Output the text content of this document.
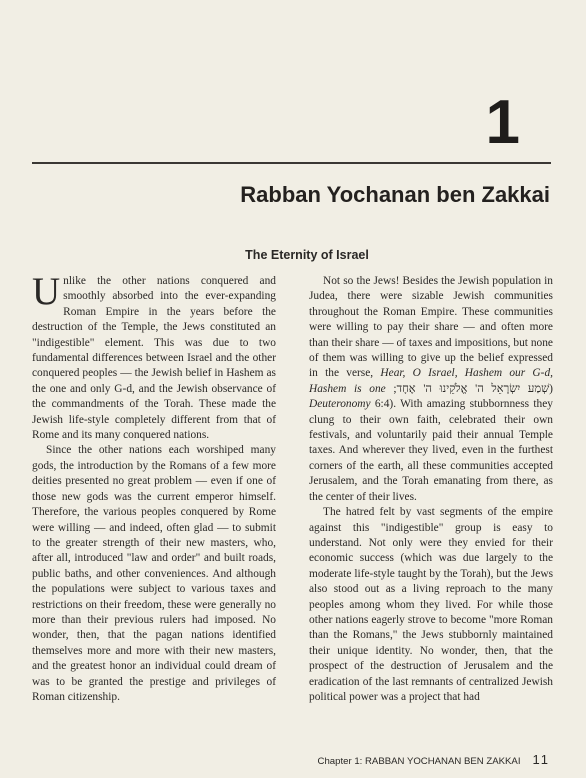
1
Rabban Yochanan ben Zakkai
The Eternity of Israel

Unlike the other nations conquered and smoothly absorbed into the ever-expanding Roman Empire in the years before the destruction of the Temple, the Jews constituted an "indigestible" element. This was due to two fundamental differences between Israel and the other conquered peoples — the Jewish belief in Hashem as the one and only G-d, and the Jewish observance of the commandments of the Torah. These made the Jewish life-style completely different from that of Rome and its many conquered nations.

Since the other nations each worshiped many gods, the introduction by the Romans of a few more deities presented no great problem — even if one of those new gods was the current emperor himself. Therefore, the various peoples conquered by Rome were willing — and indeed, often glad — to submit to the greater strength of their new masters, who, after all, introduced "law and order" and built roads, public baths, and other conveniences. And although the populations were subject to various taxes and restrictions on their freedom, these were generally no more than their previous rulers had imposed. No wonder, then, that the pagan nations identified themselves more and more with their new masters, and the greatest honor an individual could dream of was to be granted the prestige and privileges of Roman citizenship.

Not so the Jews! Besides the Jewish population in Judea, there were sizable Jewish communities throughout the Roman Empire. These communities were willing to pay their share — and often more than their share — of taxes and impositions, but none of them was willing to give up the belief expressed in the verse, Hear, O Israel, Hashem our G-d, Hashem is one (שְׁמַע יִשְׂרָאֵל ה' אֱלֹקֵינוּ ה' אֶחָד; Deuteronomy 6:4). With amazing stubbornness they clung to their own faith, celebrated their own festivals, and voluntarily paid their annual Temple taxes. And wherever they lived, even in the furthest corners of the earth, all these communities accepted Jerusalem, and the Torah emanating from there, as the center of their lives.

The hatred felt by vast segments of the empire against this "indigestible" group is easy to understand. Not only were they envied for their economic success (which was due largely to the moderate life-style taught by the Torah), but the Jews also stood out as a living reproach to the many peoples among whom they lived. For while those other nations eagerly strove to become "more Roman than the Romans," the Jews stubbornly maintained their unique identity. No wonder, then, that the prospect of the destruction of Jerusalem and the eradication of the last remnants of centralized Jewish political power was a project that had

Chapter 1: RABBAN YOCHANAN BEN ZAKKAI 11
